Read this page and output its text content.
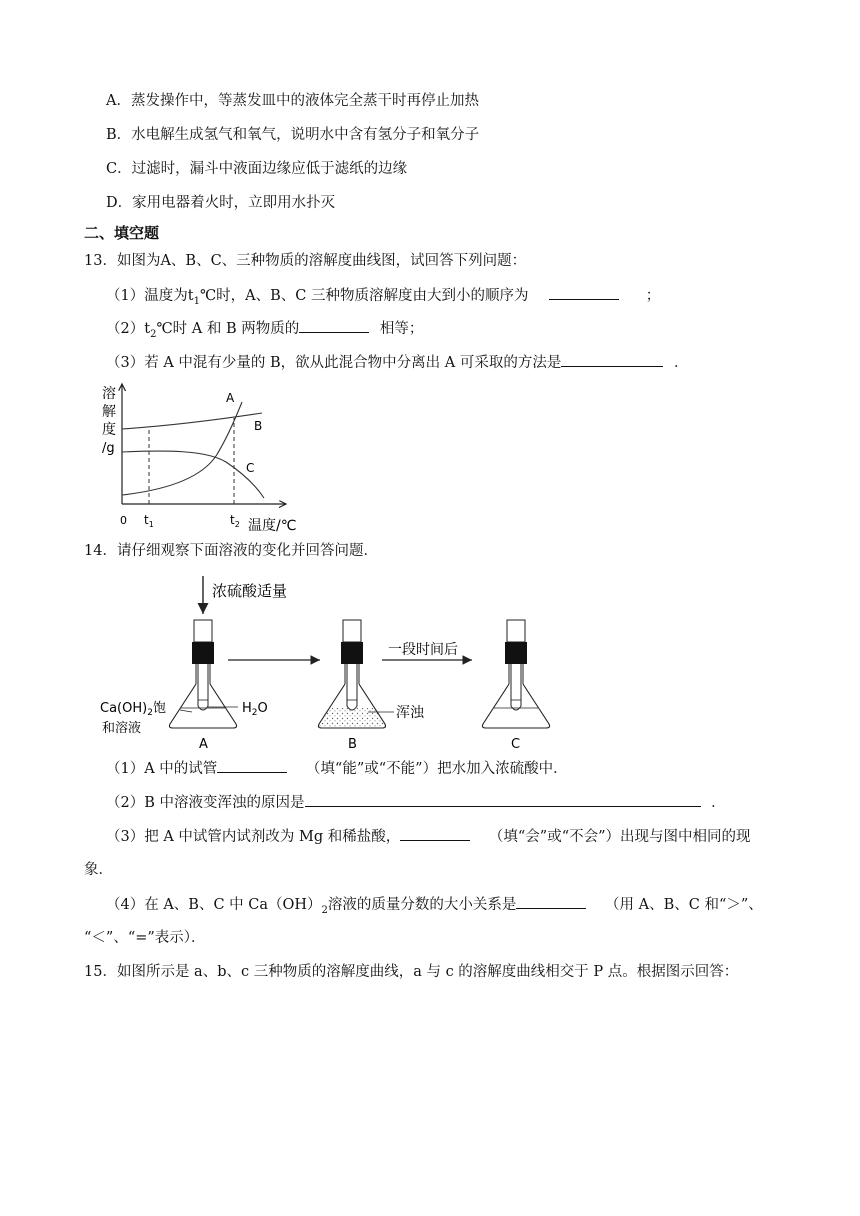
A．蒸发操作中，等蒸发皿中的液体完全蒸干时再停止加热
B．水电解生成氢气和氧气，说明水中含有氢分子和氧分子
C．过滤时，漏斗中液面边缘应低于滤纸的边缘
D．家用电器着火时，立即用水扑灭
二、填空题
13．如图为A、B、C、三种物质的溶解度曲线图，试回答下列问题：
（1）温度为$t_1℃$时，A、B、C 三种物质溶解度由大到小的顺序为	；
$(2)t_2℃$时 A 和 B 两物质的	相等；
（3）若 A 中混有少量的 B，欲从此混合物中分离出 A 可采取的方法是	．
溶
解
度
/g
A
B
C
0 $t_1$	$t_2$ 温度/℃
14．请仔细观察下面溶液的变化并回答问题．
浓硫酸适量
$Ca(OH)_2$饱
和溶液
$H_2O$
A
浑浊
B
一段时间后
C
（1）A 中的试管	（填“能”或“不能”）把水加入浓硫酸中．
（2）B 中溶液变浑浊的原因是	．
（3）把 A 中试管内试剂改为 Mg 和稀盐酸，	（填“会”或“不会”）出现与图中相同的现
象．
（4）在 A、B、C 中 $Ca(OH)_2$溶液的质量分数的大小关系是	（用 A、B、C 和“＞”、
“＜”、“=”表示）．
15．如图所示是 a、b、c 三种物质的溶解度曲线，a 与 c 的溶解度曲线相交于 P 点。根据图示回答：
